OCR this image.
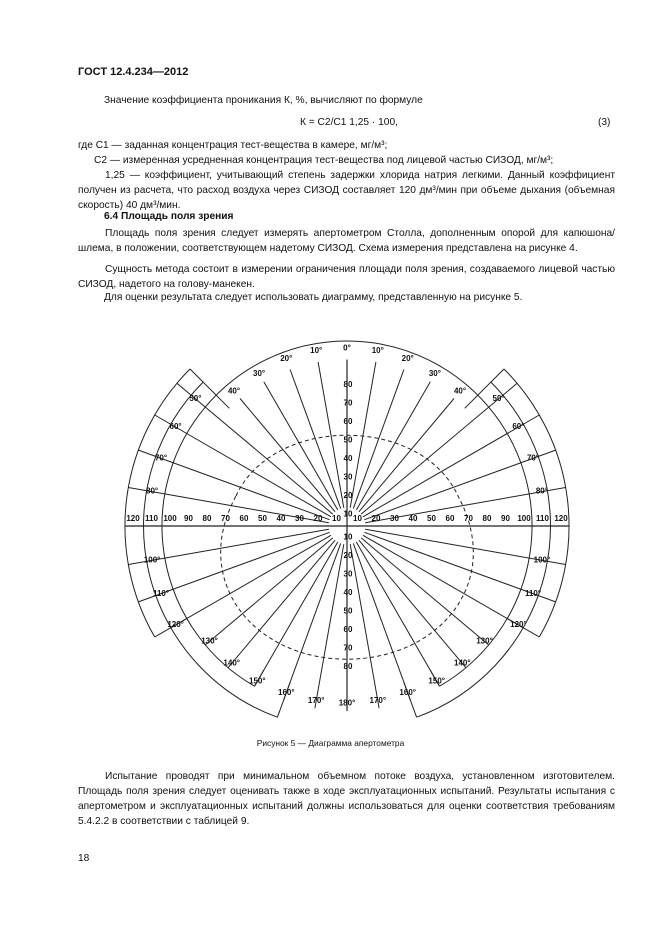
ГОСТ 12.4.234—2012

Значение коэффициента проникания К, %, вычисляют по формуле

К = С2/С1 1,25 · 100,	(3)

где С1 — заданная концентрация тест-вещества в камере, мг/м³;

С2 — измеренная усредненная концентрация тест-вещества под лицевой частью СИЗОД, мг/м³;

1,25 — коэффициент, учитывающий степень задержки хлорида натрия легкими. Данный коэффициент получен из расчета, что расход воздуха через СИЗОД составляет 120 дм³/мин при объеме дыхания (объемная скорость) 40 дм³/мин.

6.4 Площадь поля зрения

Площадь поля зрения следует измерять апертометром Столла, дополненным опорой для капюшона/шлема, в положении, соответствующем надетому СИЗОД. Схема измерения представлена на рисунке 4.

Сущность метода состоит в измерении ограничения площади поля зрения, создаваемого лицевой частью СИЗОД, надетого на голову-манекен.

Для оценки результата следует использовать диаграмму, представленную на рисунке 5.

10 10
10
10
20	20
20
20
30	30
30
30
40	40
40
40
50	50
50
50
60	60
60
60
70	70
70
70
80	80
80
80
90	90
100	100
110	110
120	120
0°	10°
10°
20°
20°
30°
30°
40°
40°
50°
50°
60°
60°
70°
70°
80°
80°
100°
100°
110°
110°
120°
120°
130°
130°
140°
140°
150°
150°
160°
160°
170°
170° 180°
Рисунок 5 — Диаграмма апертометра

Испытание проводят при минимальном объемном потоке воздуха, установленном изготовителем. Площадь поля зрения следует оценивать также в ходе эксплуатационных испытаний. Результаты испытания с апертометром и эксплуатационных испытаний должны использоваться для оценки соответствия требованиям 5.4.2.2 в соответствии с таблицей 9.

18
